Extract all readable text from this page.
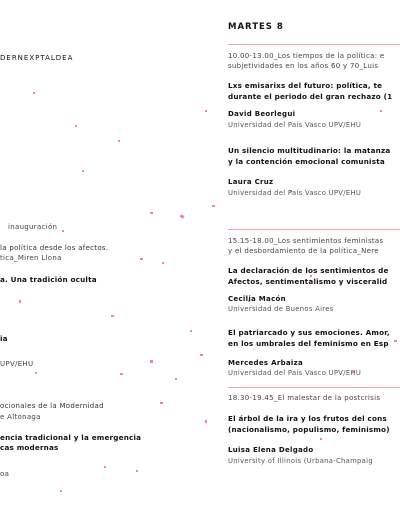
DERNEXPTALDEA
inauguración
la política desde los afectos.
tica_Miren Llona
a. Una tradición oculta
ia
UPV/EHU
ocionales de la Modernidad
e Altonaga
encia tradicional y la emergencia
cas modernas
oa
MARTES 8
10.00-13.00_Los tiempos de la política: e
subjetividades en los años 60 y 70_Luis
Lxs emisarixs del futuro: política, te
durante el periodo del gran rechazo (1
David Beorlegui
Universidad del País Vasco UPV/EHU
Un silencio multitudinario: la matanza
y la contención emocional comunista
Laura Cruz
Universidad del País Vasco UPV/EHU
15.15-18.00_Los sentimientos feministas
y el desbordamiento de la política_Nere
La declaración de los sentimientos de
Afectos, sentimentalismo y visceralid
Cecilia Macón
Universidad de Buenos Aires
El patriarcado y sus emociones. Amor,
en los umbrales del feminismo en Esp
Mercedes Arbaiza
Universidad del País Vasco UPV/EHU
18.30-19.45_El malestar de la postcrisis
El árbol de la ira y los frutos del cons
(nacionalismo, populismo, feminismo)
Luisa Elena Delgado
University of Illinois (Urbana-Champaig
